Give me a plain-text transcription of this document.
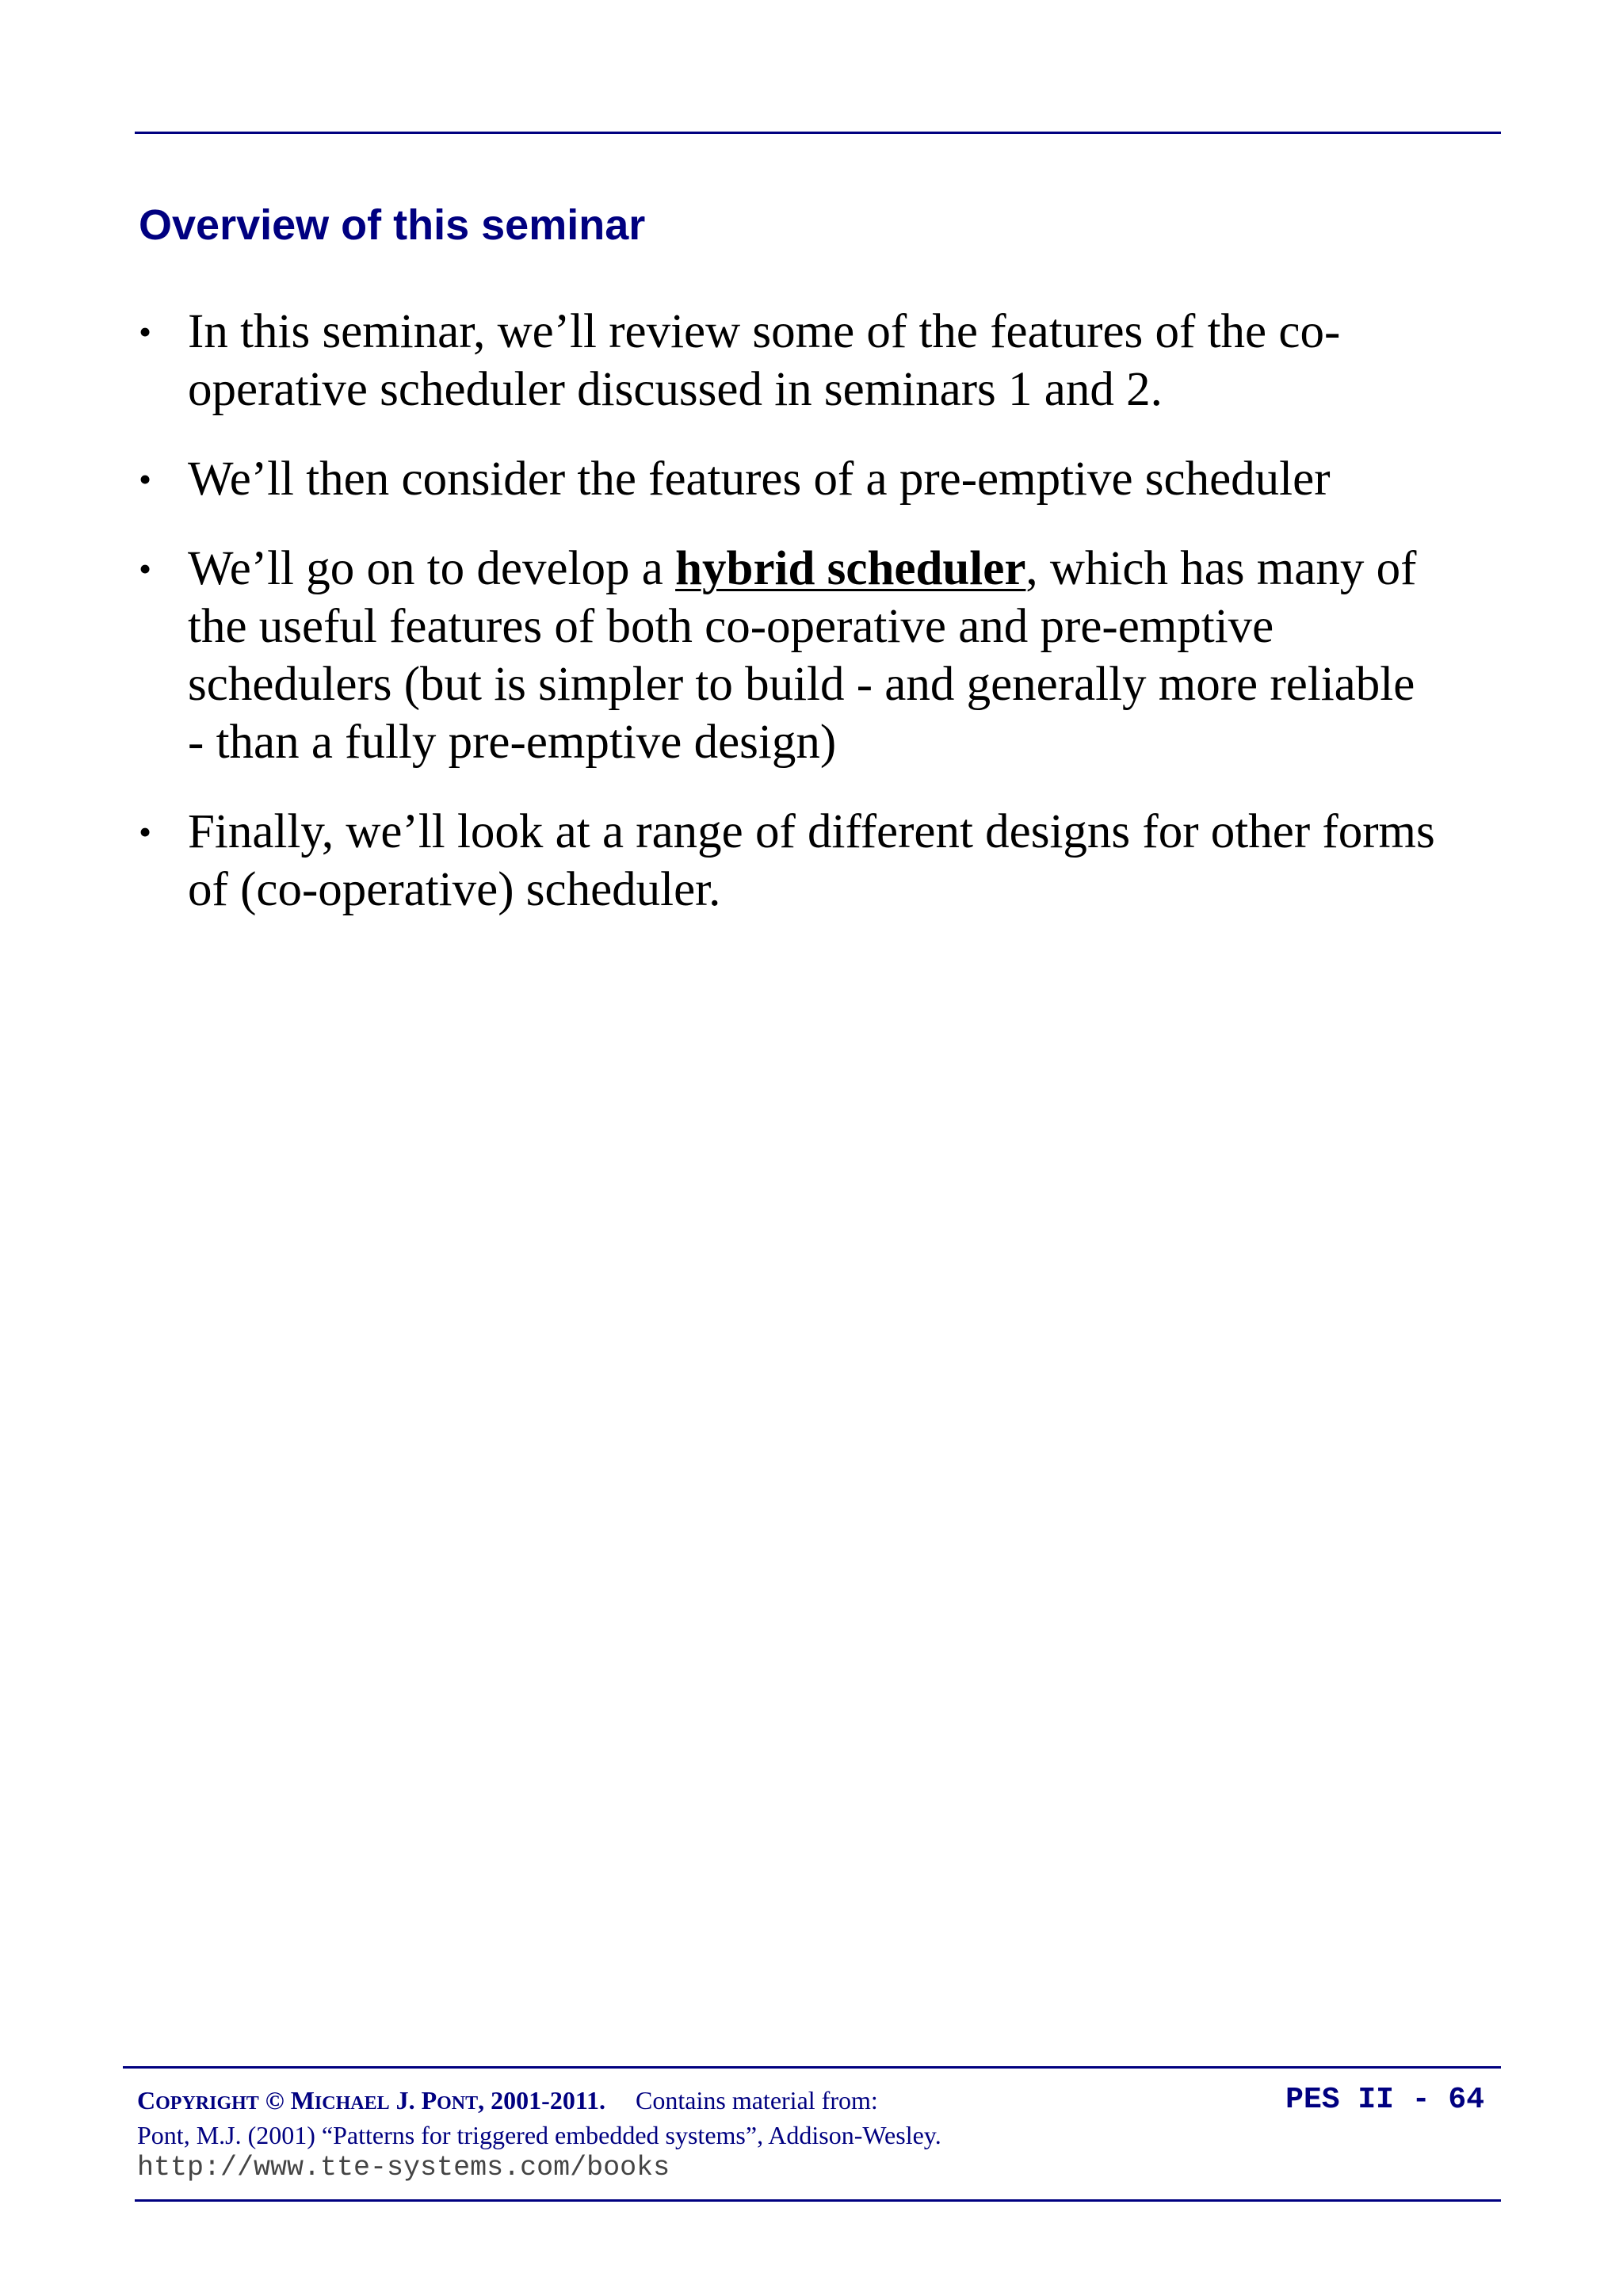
Overview of this seminar
• In this seminar, we’ll review some of the features of the co-operative scheduler discussed in seminars 1 and 2.
• We’ll then consider the features of a pre-emptive scheduler
• We’ll go on to develop a hybrid scheduler, which has many of the useful features of both co-operative and pre-emptive schedulers (but is simpler to build - and generally more reliable - than a fully pre-emptive design)
• Finally, we’ll look at a range of different designs for other forms of (co-operative) scheduler.
COPYRIGHT © MICHAEL J. PONT, 2001-2011. Contains material from:
Pont, M.J. (2001) “Patterns for triggered embedded systems”, Addison-Wesley.
http://www.tte-systems.com/books
PES II - 64
